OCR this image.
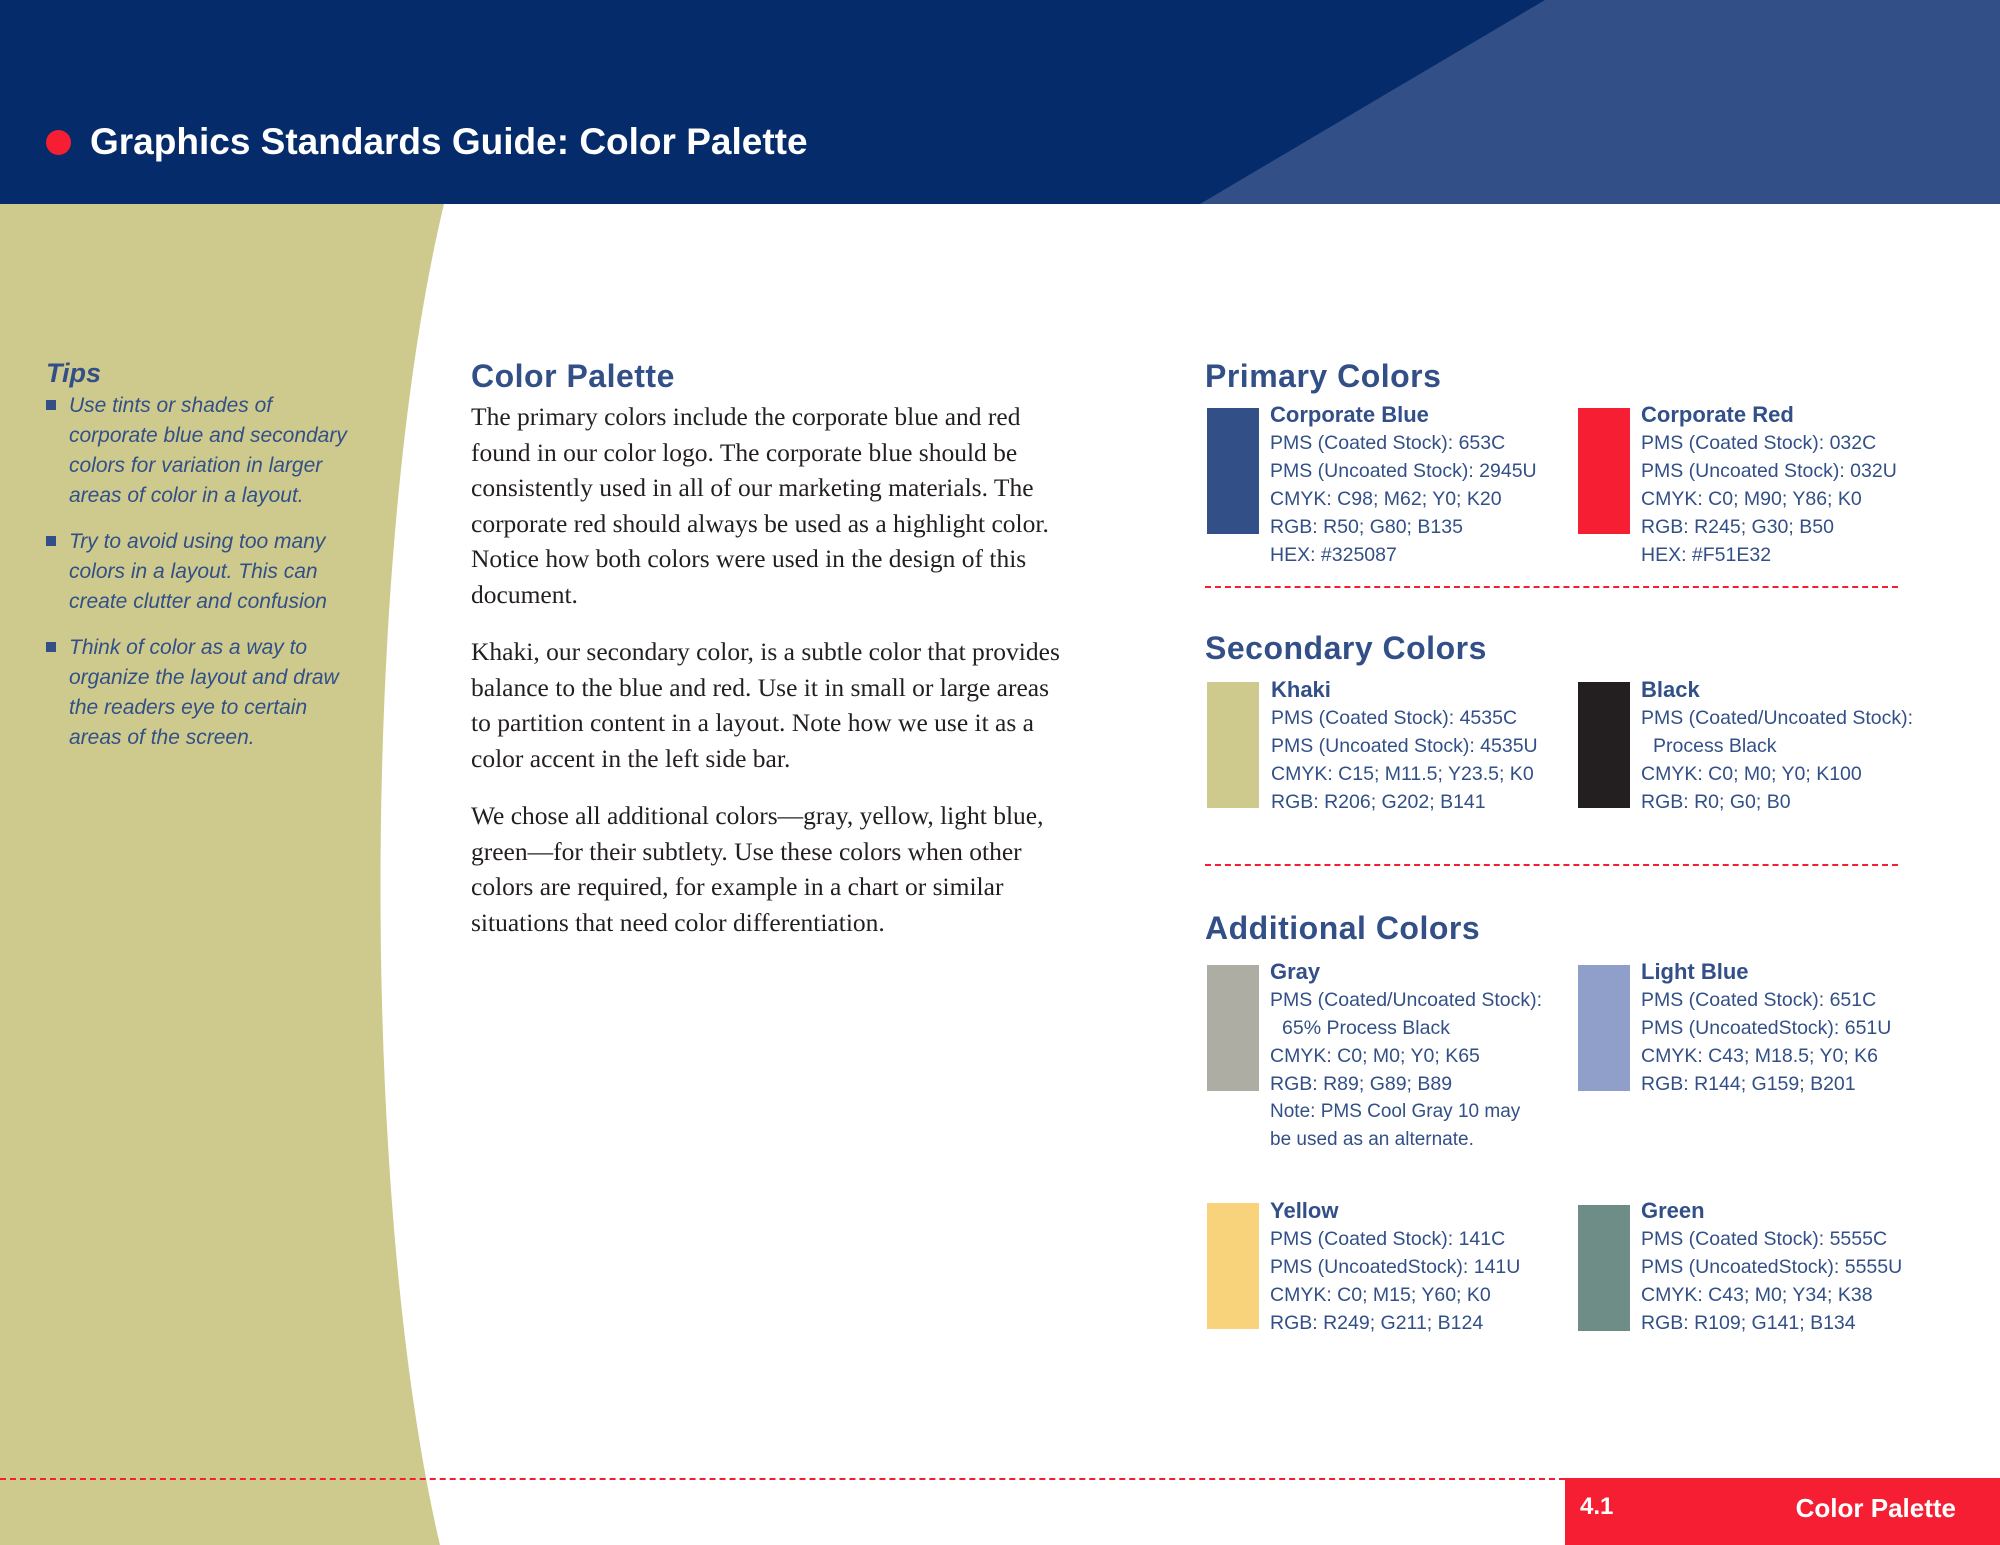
Graphics Standards Guide: Color Palette
Tips
Use tints or shades of
corporate blue and secondary
colors for variation in larger
areas of color in a layout.
Try to avoid using too many
colors in a layout. This can
create clutter and confusion
Think of color as a way to
organize the layout and draw
the readers eye to certain
areas of the screen.
Color Palette
The primary colors include the corporate blue and red
found in our color logo. The corporate blue should be
consistently used in all of our marketing materials. The
corporate red should always be used as a highlight color.
Notice how both colors were used in the design of this
document.
Khaki, our secondary color, is a subtle color that provides
balance to the blue and red. Use it in small or large areas
to partition content in a layout. Note how we use it as a
color accent in the left side bar.
We chose all additional colors—gray, yellow, light blue,
green—for their subtlety. Use these colors when other
colors are required, for example in a chart or similar
situations that need color differentiation.
Primary Colors
Corporate Blue
PMS (Coated Stock): 653C
PMS (Uncoated Stock): 2945U
CMYK: C98; M62; Y0; K20
RGB: R50; G80; B135
HEX: #325087
Corporate Red
PMS (Coated Stock): 032C
PMS (Uncoated Stock): 032U
CMYK: C0; M90; Y86; K0
RGB: R245; G30; B50
HEX: #F51E32
Secondary Colors
Khaki
PMS (Coated Stock): 4535C
PMS (Uncoated Stock): 4535U
CMYK: C15; M11.5; Y23.5; K0
RGB: R206; G202; B141
Black
PMS (Coated/Uncoated Stock):
Process Black
CMYK: C0; M0; Y0; K100
RGB: R0; G0; B0
Additional Colors
Gray
PMS (Coated/Uncoated Stock):
65% Process Black
CMYK: C0; M0; Y0; K65
RGB: R89; G89; B89
Note: PMS Cool Gray 10 may
be used as an alternate.
Light Blue
PMS (Coated Stock): 651C
PMS (UncoatedStock): 651U
CMYK: C43; M18.5; Y0; K6
RGB: R144; G159; B201
Yellow
PMS (Coated Stock): 141C
PMS (UncoatedStock): 141U
CMYK: C0; M15; Y60; K0
RGB: R249; G211; B124
Green
PMS (Coated Stock): 5555C
PMS (UncoatedStock): 5555U
CMYK: C43; M0; Y34; K38
RGB: R109; G141; B134
4.1	Color Palette
